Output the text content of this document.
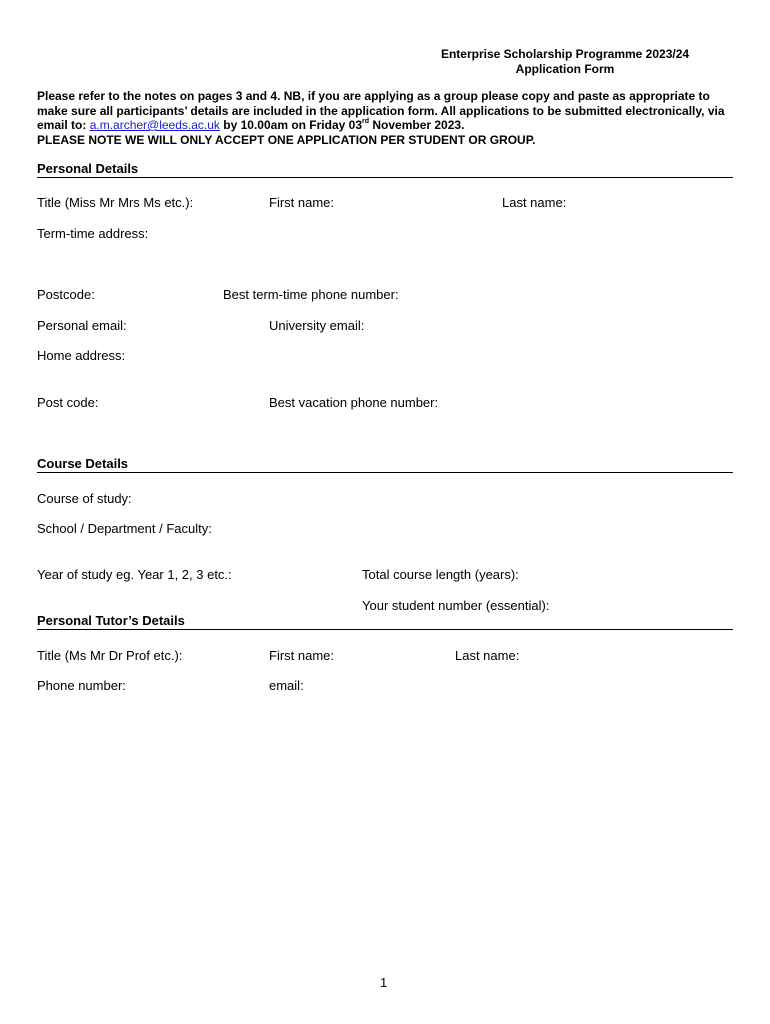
Enterprise Scholarship Programme 2023/24
Application Form
Please refer to the notes on pages 3 and 4. NB, if you are applying as a group please copy and paste as appropriate to make sure all participants’ details are included in the application form. All applications to be submitted electronically, via email to: a.m.archer@leeds.ac.uk by 10.00am on Friday 03rd November 2023.
PLEASE NOTE WE WILL ONLY ACCEPT ONE APPLICATION PER STUDENT OR GROUP.
Personal Details
Title (Miss Mr Mrs Ms etc.):	First name:	Last name:
Term-time address:
Postcode:	Best term-time phone number:
Personal email:	University email:
Home address:
Post code:	Best vacation phone number:
Course Details
Course of study:
School / Department / Faculty:
Year of study eg. Year 1, 2, 3 etc.:	Total course length (years):
Your student number (essential):
Personal Tutor’s Details
Title (Ms Mr Dr Prof etc.):	First name:	Last name:
Phone number:	email:
1
